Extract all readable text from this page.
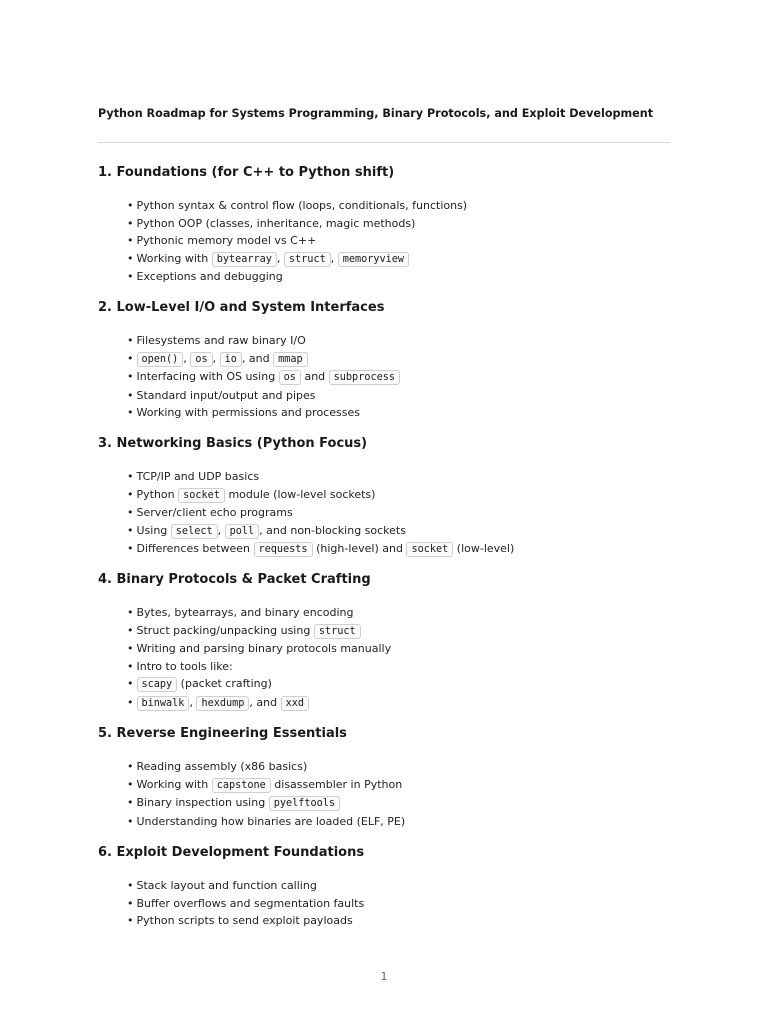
Python Roadmap for Systems Programming, Binary Protocols, and Exploit Development
1. Foundations (for C++ to Python shift)
• Python syntax & control flow (loops, conditionals, functions)
• Python OOP (classes, inheritance, magic methods)
• Pythonic memory model vs C++
• Working with bytearray , struct , memoryview
• Exceptions and debugging
2. Low-Level I/O and System Interfaces
• Filesystems and raw binary I/O
• open() , os , io , and mmap
• Interfacing with OS using os and subprocess
• Standard input/output and pipes
• Working with permissions and processes
3. Networking Basics (Python Focus)
• TCP/IP and UDP basics
• Python socket module (low-level sockets)
• Server/client echo programs
• Using select , poll , and non-blocking sockets
• Differences between requests (high-level) and socket (low-level)
4. Binary Protocols & Packet Crafting
• Bytes, bytearrays, and binary encoding
• Struct packing/unpacking using struct
• Writing and parsing binary protocols manually
• Intro to tools like:
• scapy (packet crafting)
• binwalk , hexdump , and xxd
5. Reverse Engineering Essentials
• Reading assembly (x86 basics)
• Working with capstone disassembler in Python
• Binary inspection using pyelftools
• Understanding how binaries are loaded (ELF, PE)
6. Exploit Development Foundations
• Stack layout and function calling
• Buffer overflows and segmentation faults
• Python scripts to send exploit payloads
1
